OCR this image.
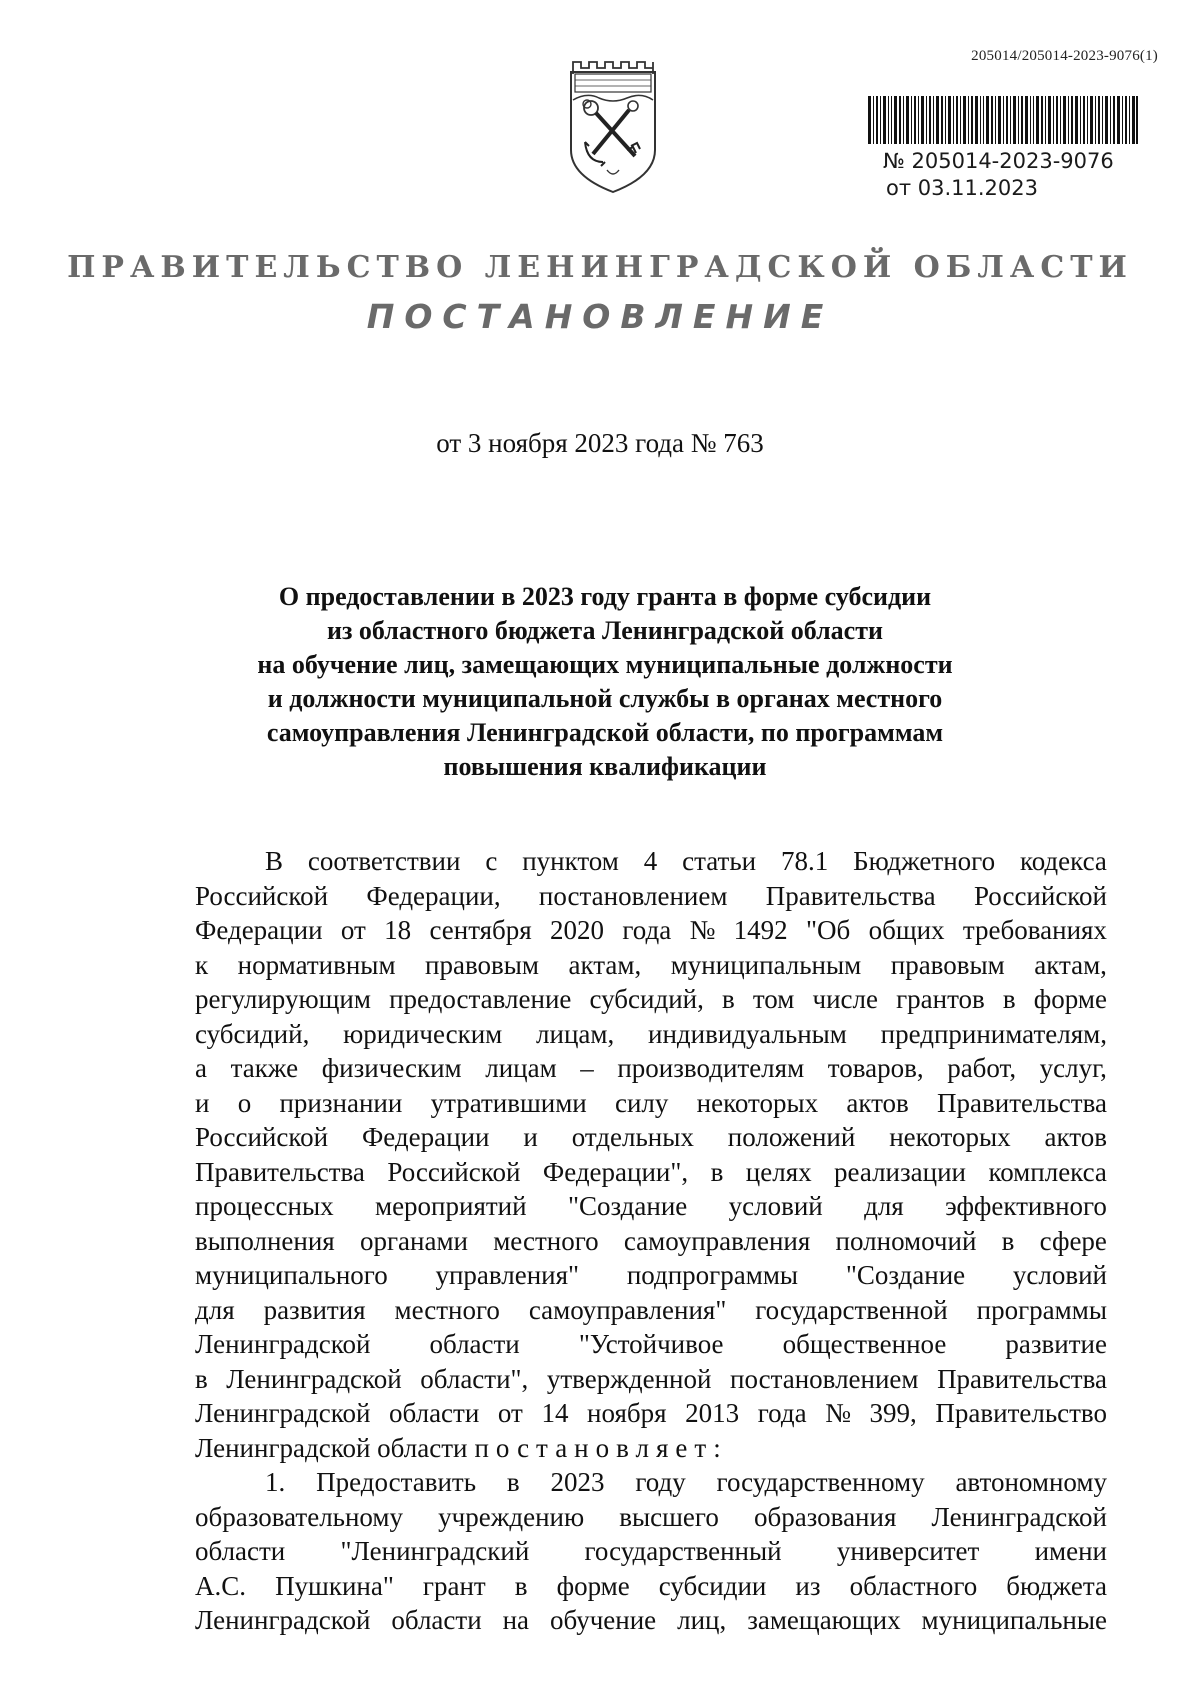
205014/205014-2023-9076(1)
№ 205014-2023-9076
от 03.11.2023
ПРАВИТЕЛЬСТВО ЛЕНИНГРАДСКОЙ ОБЛАСТИ
ПОСТАНОВЛЕНИЕ
от 3 ноября 2023 года № 763
О предоставлении в 2023 году гранта в форме субсидии
из областного бюджета Ленинградской области
на обучение лиц, замещающих муниципальные должности
и должности муниципальной службы в органах местного
самоуправления Ленинградской области, по программам
повышения квалификации
В соответствии с пунктом 4 статьи 78.1 Бюджетного кодекса
Российской Федерации, постановлением Правительства Российской
Федерации от 18 сентября 2020 года № 1492 "Об общих требованиях
к нормативным правовым актам, муниципальным правовым актам,
регулирующим предоставление субсидий, в том числе грантов в форме
субсидий, юридическим лицам, индивидуальным предпринимателям,
а также физическим лицам – производителям товаров, работ, услуг,
и о признании утратившими силу некоторых актов Правительства
Российской Федерации и отдельных положений некоторых актов
Правительства Российской Федерации", в целях реализации комплекса
процессных мероприятий "Создание условий для эффективного
выполнения органами местного самоуправления полномочий в сфере
муниципального управления" подпрограммы "Создание условий
для развития местного самоуправления" государственной программы
Ленинградской области "Устойчивое общественное развитие
в Ленинградской области", утвержденной постановлением Правительства
Ленинградской области от 14 ноября 2013 года № 399, Правительство
Ленинградской области постановляет:
1. Предоставить в 2023 году государственному автономному
образовательному учреждению высшего образования Ленинградской
области "Ленинградский государственный университет имени
А.С. Пушкина" грант в форме субсидии из областного бюджета
Ленинградской области на обучение лиц, замещающих муниципальные
